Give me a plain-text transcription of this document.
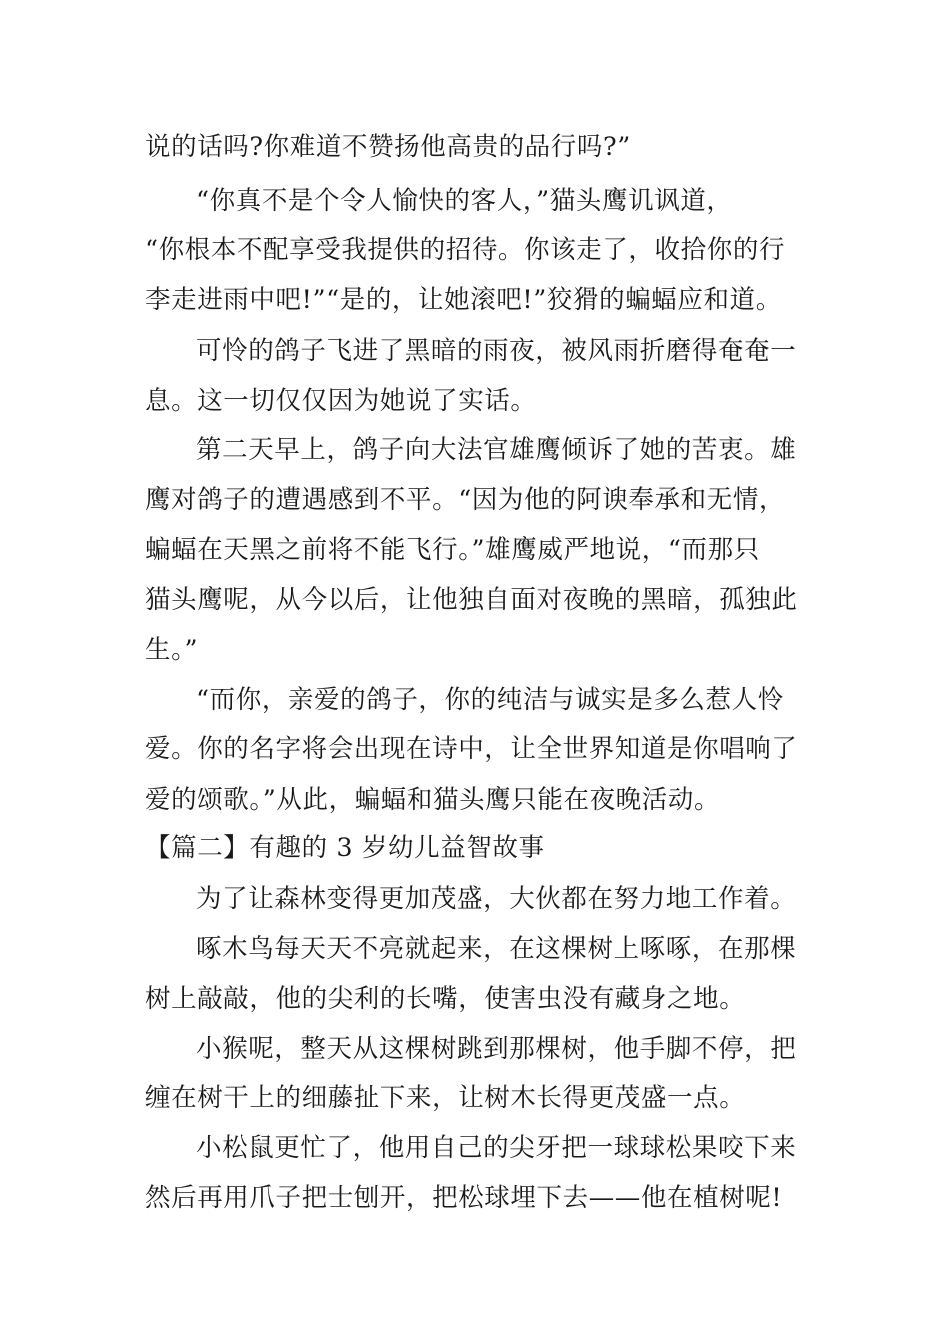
说的话吗?你难道不赞扬他高贵的品行吗?”
“你真不是个令人愉快的客人，”猫头鹰讥讽道，
“你根本不配享受我提供的招待。你该走了，收拾你的行
李走进雨中吧!”“是的，让她滚吧!”狡猾的蝙蝠应和道。
可怜的鸽子飞进了黑暗的雨夜，被风雨折磨得奄奄一
息。这一切仅仅因为她说了实话。
第二天早上，鸽子向大法官雄鹰倾诉了她的苦衷。雄
鹰对鸽子的遭遇感到不平。“因为他的阿谀奉承和无情，
蝙蝠在天黑之前将不能飞行。”雄鹰威严地说，“而那只
猫头鹰呢，从今以后，让他独自面对夜晚的黑暗，孤独此
生。”
“而你，亲爱的鸽子，你的纯洁与诚实是多么惹人怜
爱。你的名字将会出现在诗中，让全世界知道是你唱响了
爱的颂歌。”从此，蝙蝠和猫头鹰只能在夜晚活动。
【篇二】有趣的 3 岁幼儿益智故事
为了让森林变得更加茂盛，大伙都在努力地工作着。
啄木鸟每天天不亮就起来，在这棵树上啄啄，在那棵
树上敲敲，他的尖利的长嘴，使害虫没有藏身之地。
小猴呢，整天从这棵树跳到那棵树，他手脚不停，把
缠在树干上的细藤扯下来，让树木长得更茂盛一点。
小松鼠更忙了，他用自己的尖牙把一球球松果咬下来
然后再用爪子把士刨开，把松球埋下去——他在植树呢!
